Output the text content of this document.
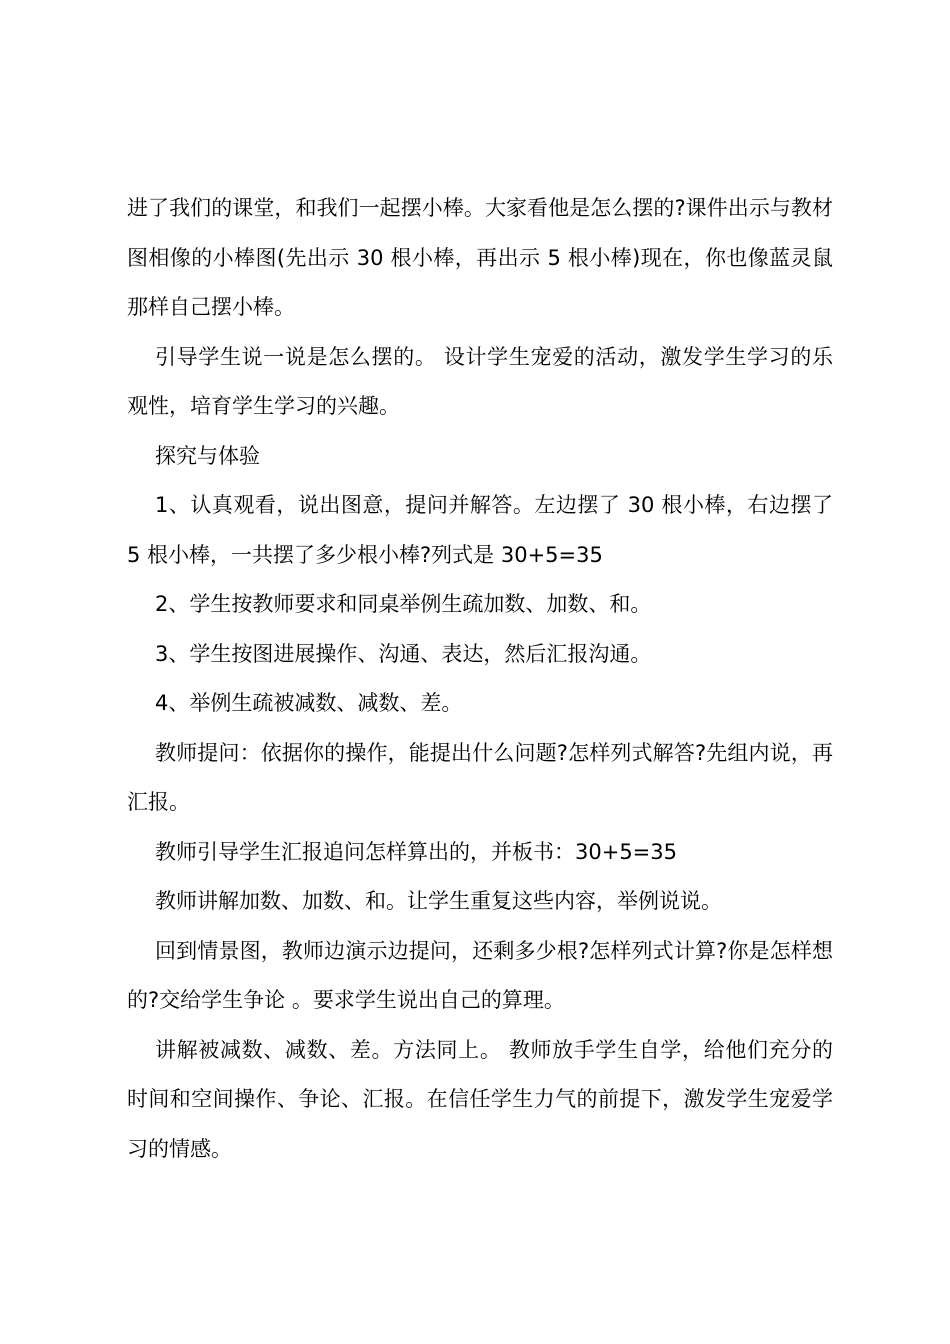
进了我们的课堂，和我们一起摆小棒。大家看他是怎么摆的?课件出示与教材图相像的小棒图(先出示 30 根小棒，再出示 5 根小棒)现在，你也像蓝灵鼠那样自己摆小棒。

引导学生说一说是怎么摆的。 设计学生宠爱的活动，激发学生学习的乐观性，培育学生学习的兴趣。

探究与体验

1、认真观看，说出图意，提问并解答。左边摆了 30 根小棒，右边摆了 5 根小棒，一共摆了多少根小棒?列式是 30+5=35

2、学生按教师要求和同桌举例生疏加数、加数、和。

3、学生按图进展操作、沟通、表达，然后汇报沟通。

4、举例生疏被减数、减数、差。

教师提问：依据你的操作，能提出什么问题?怎样列式解答?先组内说，再汇报。

教师引导学生汇报追问怎样算出的，并板书：30+5=35

教师讲解加数、加数、和。让学生重复这些内容，举例说说。

回到情景图，教师边演示边提问，还剩多少根?怎样列式计算?你是怎样想的?交给学生争论 。要求学生说出自己的算理。

讲解被减数、减数、差。方法同上。 教师放手学生自学，给他们充分的时间和空间操作、争论、汇报。在信任学生力气的前提下，激发学生宠爱学习的情感。
